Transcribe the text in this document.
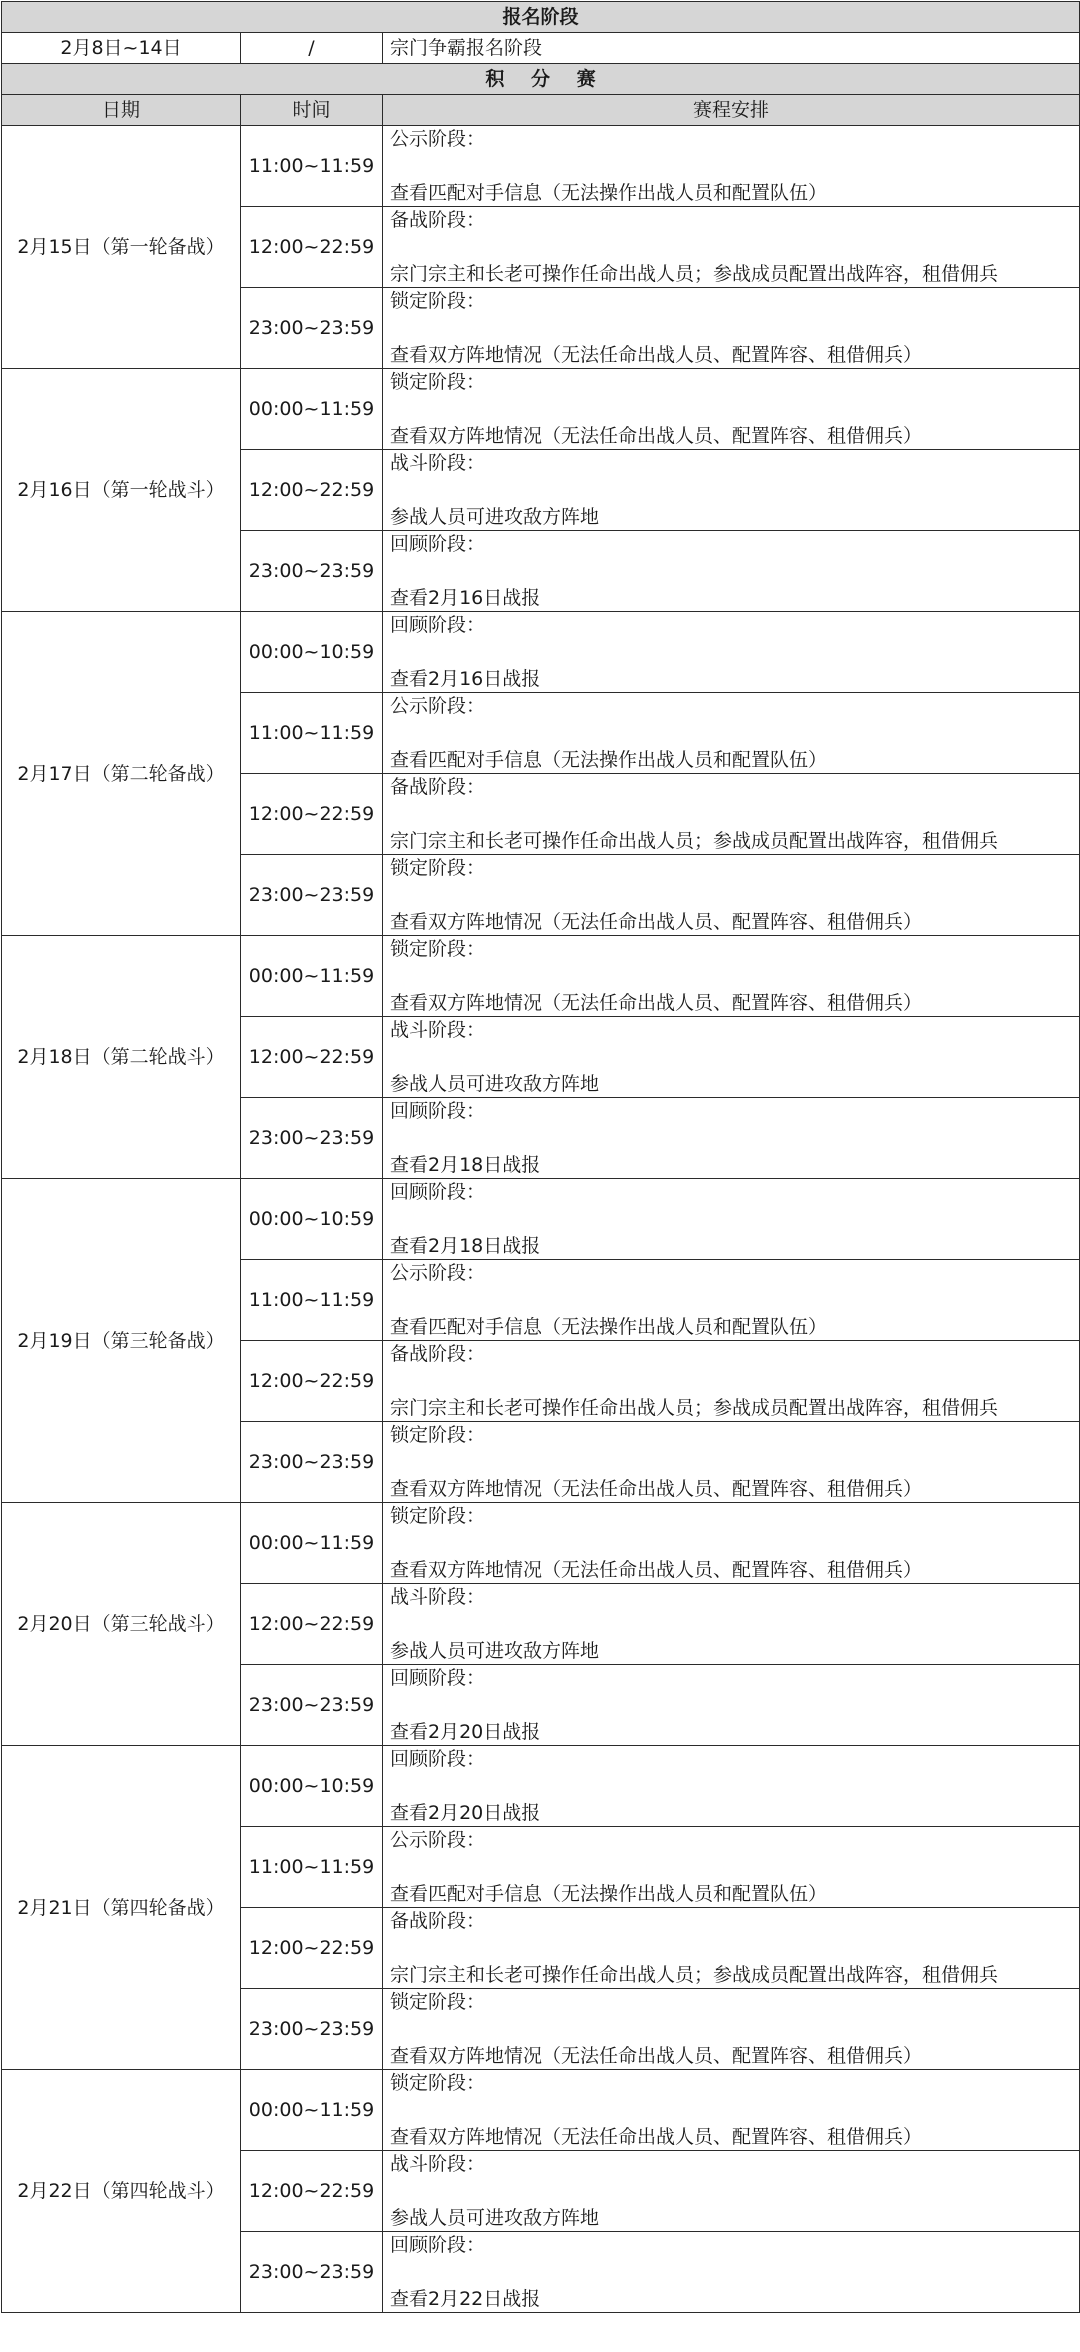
报名阶段		
2月8日~14日	/	宗门争霸报名阶段
积 分 赛		
日期	时间	赛程安排
2月15日（第一轮备战）	11:00~11:59	公示阶段：
查看匹配对手信息（无法操作出战人员和配置队伍）

	12:00~22:59	备战阶段：
宗门宗主和长老可操作任命出战人员；参战成员配置出战阵容，租借佣兵

	23:00~23:59	锁定阶段：
查看双方阵地情况（无法任命出战人员、配置阵容、租借佣兵）

2月16日（第一轮战斗）	00:00~11:59	锁定阶段：
查看双方阵地情况（无法任命出战人员、配置阵容、租借佣兵）

	12:00~22:59	战斗阶段：
参战人员可进攻敌方阵地

	23:00~23:59	回顾阶段：
查看2月16日战报

2月17日（第二轮备战）	00:00~10:59	回顾阶段：
查看2月16日战报

	11:00~11:59	公示阶段：
查看匹配对手信息（无法操作出战人员和配置队伍）

	12:00~22:59	备战阶段：
宗门宗主和长老可操作任命出战人员；参战成员配置出战阵容，租借佣兵

	23:00~23:59	锁定阶段：
查看双方阵地情况（无法任命出战人员、配置阵容、租借佣兵）

2月18日（第二轮战斗）	00:00~11:59	锁定阶段：
查看双方阵地情况（无法任命出战人员、配置阵容、租借佣兵）

	12:00~22:59	战斗阶段：
参战人员可进攻敌方阵地

	23:00~23:59	回顾阶段：
查看2月18日战报

2月19日（第三轮备战）	00:00~10:59	回顾阶段：
查看2月18日战报

	11:00~11:59	公示阶段：
查看匹配对手信息（无法操作出战人员和配置队伍）

	12:00~22:59	备战阶段：
宗门宗主和长老可操作任命出战人员；参战成员配置出战阵容，租借佣兵

	23:00~23:59	锁定阶段：
查看双方阵地情况（无法任命出战人员、配置阵容、租借佣兵）

2月20日（第三轮战斗）	00:00~11:59	锁定阶段：
查看双方阵地情况（无法任命出战人员、配置阵容、租借佣兵）

	12:00~22:59	战斗阶段：
参战人员可进攻敌方阵地

	23:00~23:59	回顾阶段：
查看2月20日战报

2月21日（第四轮备战）	00:00~10:59	回顾阶段：
查看2月20日战报

	11:00~11:59	公示阶段：
查看匹配对手信息（无法操作出战人员和配置队伍）

	12:00~22:59	备战阶段：
宗门宗主和长老可操作任命出战人员；参战成员配置出战阵容，租借佣兵

	23:00~23:59	锁定阶段：
查看双方阵地情况（无法任命出战人员、配置阵容、租借佣兵）

2月22日（第四轮战斗）	00:00~11:59	锁定阶段：
查看双方阵地情况（无法任命出战人员、配置阵容、租借佣兵）

	12:00~22:59	战斗阶段：
参战人员可进攻敌方阵地

	23:00~23:59	回顾阶段：
查看2月22日战报
